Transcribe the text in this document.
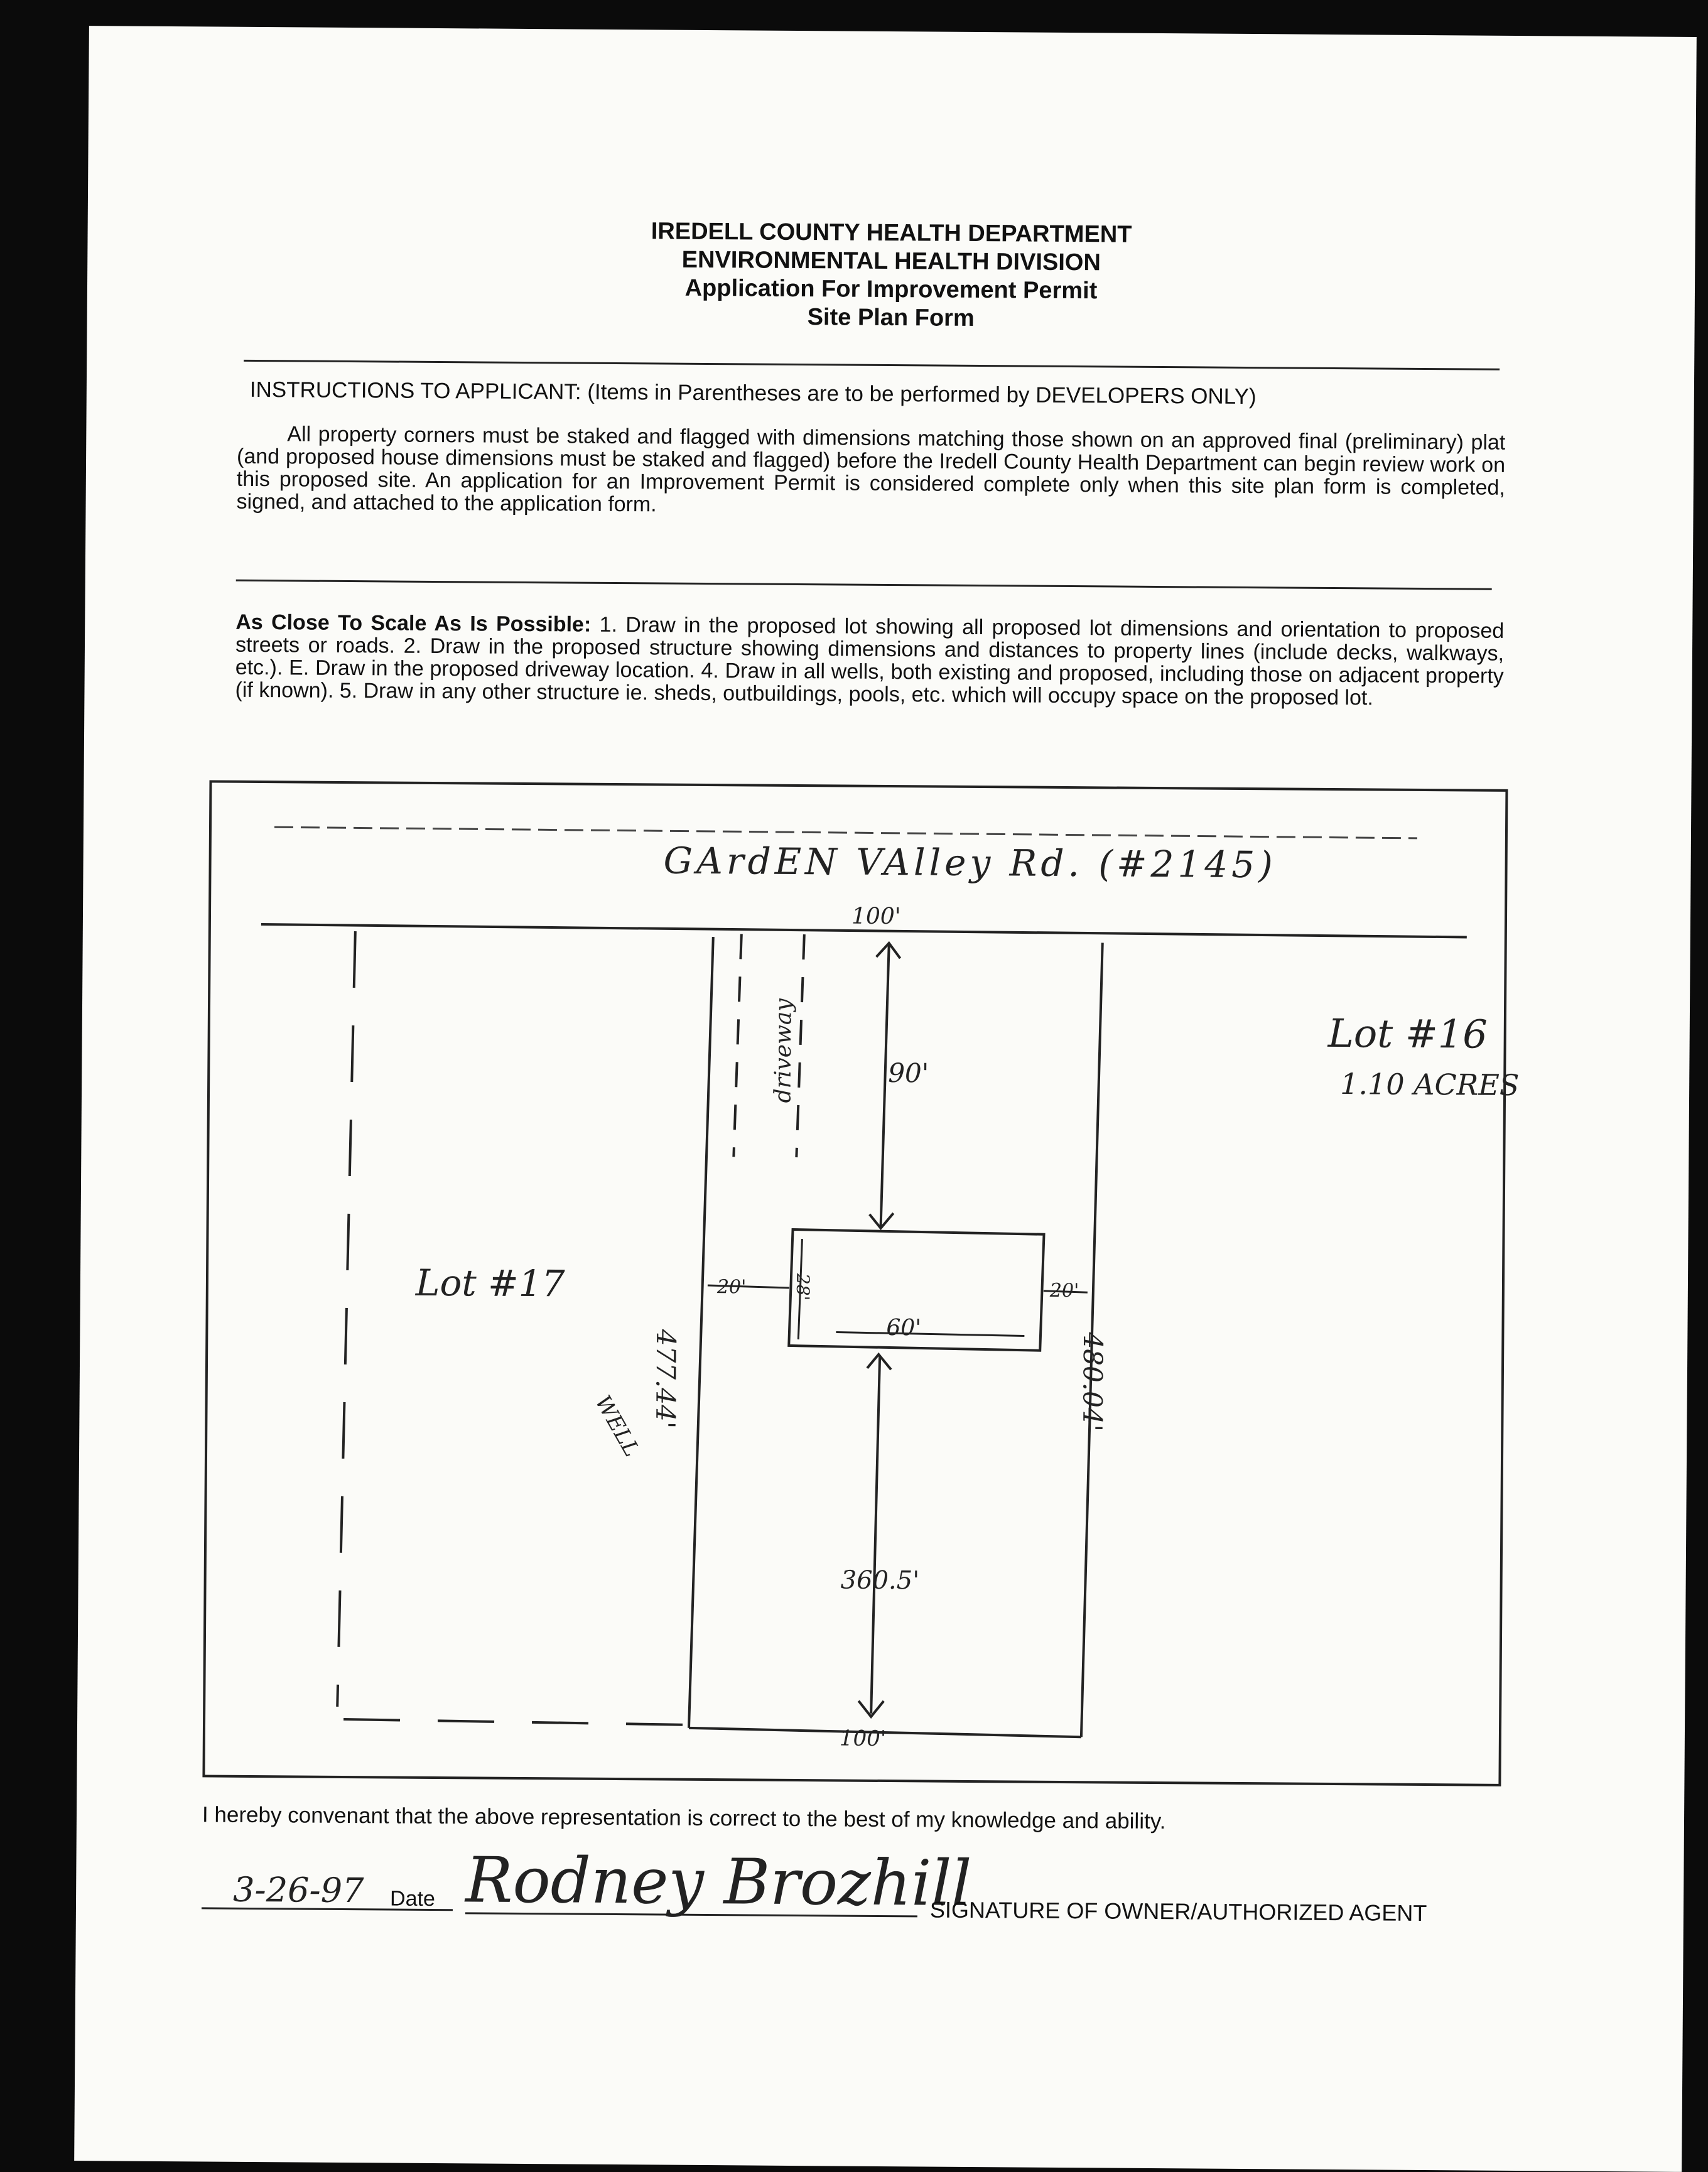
IREDELL COUNTY HEALTH DEPARTMENT
ENVIRONMENTAL HEALTH DIVISION
Application For Improvement Permit
Site Plan Form
INSTRUCTIONS TO APPLICANT: (Items in Parentheses are to be performed by DEVELOPERS ONLY)
All property corners must be staked and flagged with dimensions matching those shown on an approved final (preliminary) plat (and proposed house dimensions must be staked and flagged) before the Iredell County Health Department can begin review work on this proposed site. An application for an Improvement Permit is considered complete only when this site plan form is completed, signed, and attached to the application form.
As Close To Scale As Is Possible: 1. Draw in the proposed lot showing all proposed lot dimensions and orientation to proposed streets or roads. 2. Draw in the proposed structure showing dimensions and distances to property lines (include decks, walkways, etc.). E. Draw in the proposed driveway location. 4. Draw in all wells, both existing and proposed, including those on adjacent property (if known). 5. Draw in any other structure ie. sheds, outbuildings, pools, etc. which will occupy space on the proposed lot.
GArdEN VAlley Rd. (#2145)
100'
driveway	90'
Lot #16
1.10 ACRES
Lot #17	20'	20'
28'
60'
477.44'	480.04'
WELL
360.5'
100'
I hereby convenant that the above representation is correct to the best of my knowledge and ability.
3-26-97 Date Rodney Brozhill
SIGNATURE OF OWNER/AUTHORIZED AGENT
